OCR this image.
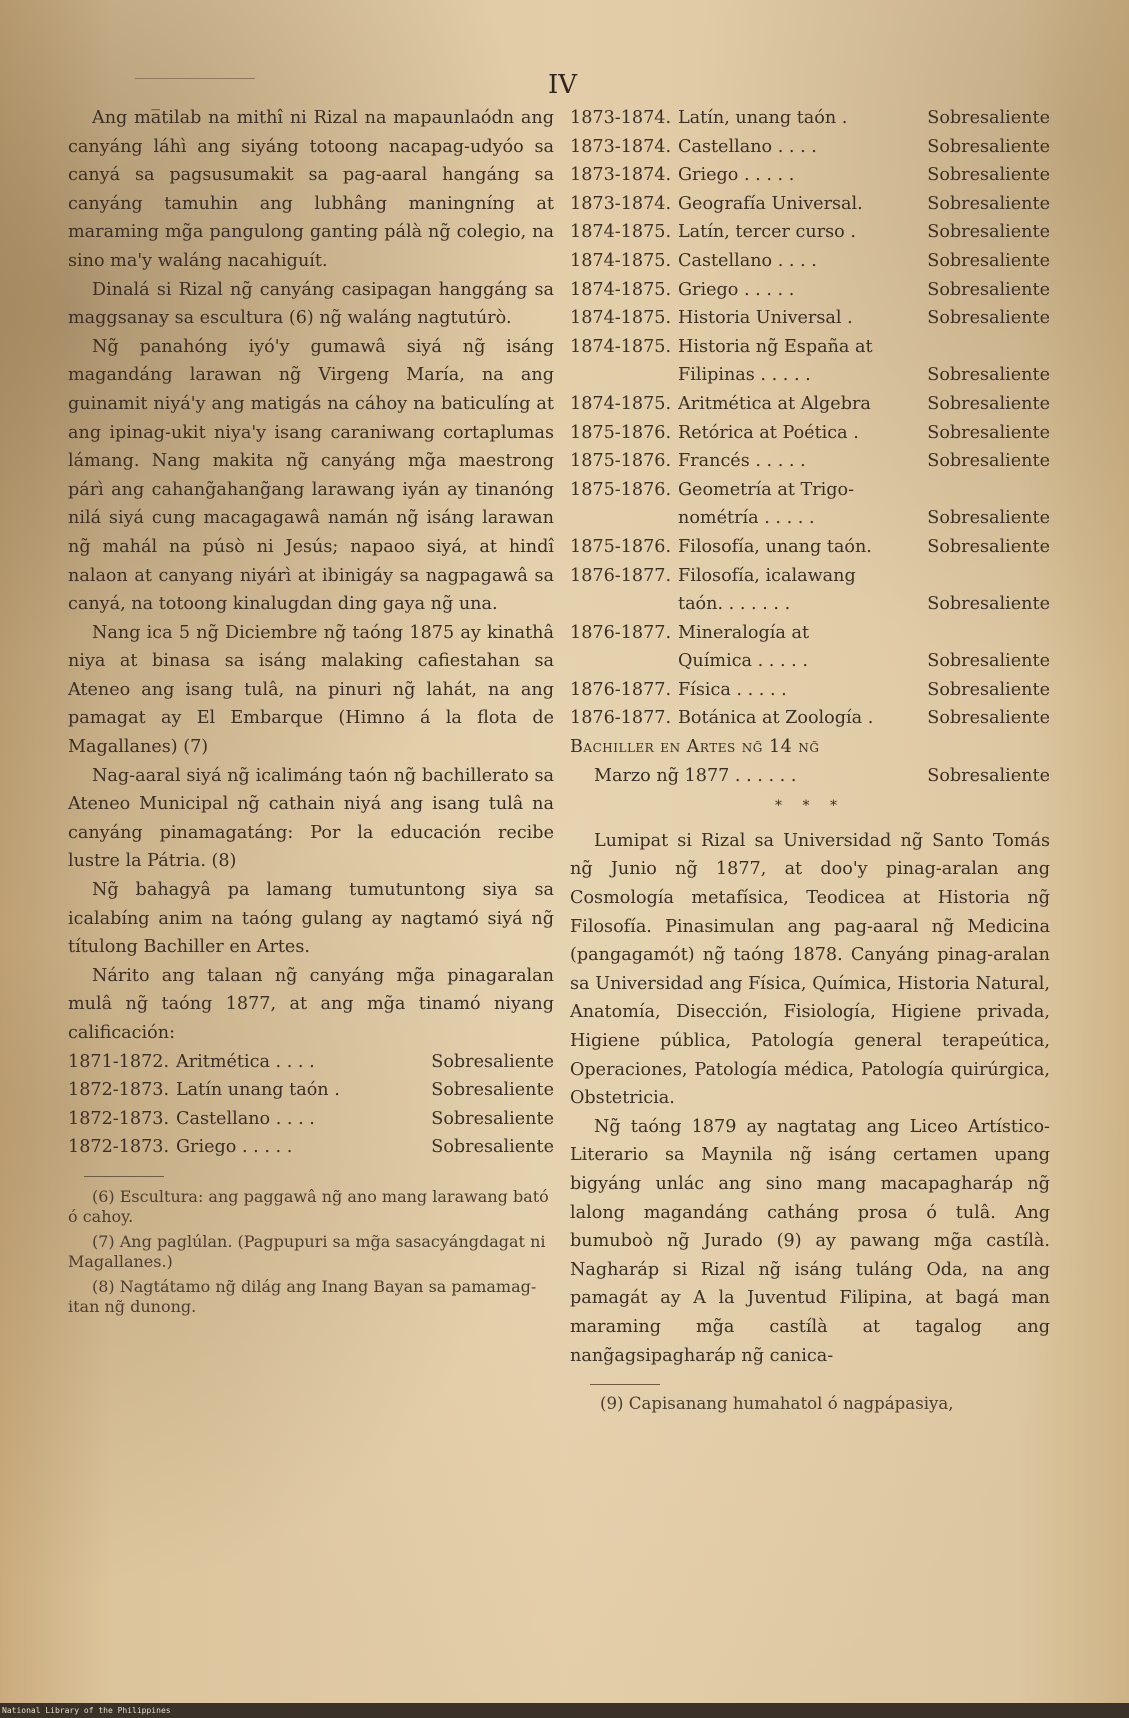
IV

Ang ma̅tilab na mithî ni Rizal na mapaunlaódn ang canyáng láhì ang siyáng totoong nacapag-udyóo sa canyá sa pagsusumakit sa pag-aaral hangáng sa canyáng tamuhin ang lubhâng maningníng at maraming mg̃a pangulong ganting pálà ng̃ colegio, na sino ma'y waláng nacahiguít.

Dinalá si Rizal ng̃ canyáng casipagan hanggáng sa maggsanay sa escultura (6) ng̃ waláng nagtutúrò.

Ng̃ panahóng iyó'y gumawâ siyá ng̃ isáng magandáng larawan ng̃ Virgeng María, na ang guinamit niyá'y ang matigás na cáhoy na baticulíng at ang ipinag-ukit niya'y isang caraniwang cortaplumas lámang. Nang makita ng̃ canyáng mg̃a maestrong párì ang cahang̃ahang̃ang larawang iyán ay tinanóng nilá siyá cung macagagawâ namán ng̃ isáng larawan ng̃ mahál na púsò ni Jesús; napaoo siyá, at hindî nalaon at canyang niyárì at ibinigáy sa nagpagawâ sa canyá, na totoong kinalugdan ding gaya ng̃ una.

Nang ica 5 ng̃ Diciembre ng̃ taóng 1875 ay kinathâ niya at binasa sa isáng malaking cafiestahan sa Ateneo ang isang tulâ, na pinuri ng̃ lahát, na ang pamagat ay El Embarque (Himno á la flota de Magallanes) (7)

Nag-aaral siyá ng̃ icalimáng taón ng̃ bachillerato sa Ateneo Municipal ng̃ cathain niyá ang isang tulâ na canyáng pinamagatáng: Por la educación recibe lustre la Pátria. (8)

Ng̃ bahagyâ pa lamang tumutuntong siya sa icalabíng anim na taóng gulang ay nagtamó siyá ng̃ títulong Bachiller en Artes.

Nárito ang talaan ng̃ canyáng mg̃a pinagaralan mulâ ng̃ taóng 1877, at ang mg̃a tinamó niyang calificación:

1871-1872. Aritmética . . . .	Sobresaliente
1872-1873. Latín unang taón .	Sobresaliente
1872-1873. Castellano . . . .	Sobresaliente
1872-1873. Griego . . . . .	Sobresaliente

(6) Escultura: ang paggawâ ng̃ ano mang larawang bató ó cahoy.

(7) Ang paglúlan. (Pagpupuri sa mg̃a sasacyángdagat ni Magallanes.)

(8) Nagtátamo ng̃ dilág ang Inang Bayan sa pamamag-itan ng̃ dunong.

1873-1874. Latín, unang taón .	Sobresaliente
1873-1874. Castellano . . . .	Sobresaliente
1873-1874. Griego . . . . .	Sobresaliente
1873-1874. Geografía Universal.	Sobresaliente
1874-1875. Latín, tercer curso .	Sobresaliente
1874-1875. Castellano . . . .	Sobresaliente
1874-1875. Griego . . . . .	Sobresaliente
1874-1875. Historia Universal .	Sobresaliente
1874-1875. Historia ng̃ España at
Filipinas . . . . .	Sobresaliente
1874-1875. Aritmética at Algebra	Sobresaliente
1875-1876. Retórica at Poética .	Sobresaliente
1875-1876. Francés . . . . .	Sobresaliente
1875-1876. Geometría at Trigo-
nométría . . . . .	Sobresaliente
1875-1876. Filosofía, unang taón.	Sobresaliente
1876-1877. Filosofía, icalawang
taón. . . . . . .	Sobresaliente
1876-1877. Mineralogía at
Química . . . . .	Sobresaliente
1876-1877. Física . . . . .	Sobresaliente
1876-1877. Botánica at Zoología .	Sobresaliente
Bachiller en Artes ng̃ 14 ng̃
Marzo ng̃ 1877 . . . . . .	Sobresaliente
* * *

Lumipat si Rizal sa Universidad ng̃ Santo Tomás ng̃ Junio ng̃ 1877, at doo'y pinag-aralan ang Cosmología metafísica, Teodicea at Historia ng̃ Filosofía. Pinasimulan ang pag-aaral ng̃ Medicina (pangagamót) ng̃ taóng 1878. Canyáng pinag-aralan sa Universidad ang Física, Química, Historia Natural, Anatomía, Disección, Fisiología, Higiene privada, Higiene pública, Patología general terapeútica, Operaciones, Patología médica, Patología quirúrgica, Obstetricia.

Ng̃ taóng 1879 ay nagtatag ang Liceo Artístico-Literario sa Maynila ng̃ isáng certamen upang bigyáng unlác ang sino mang macapagharáp ng̃ lalong magandáng catháng prosa ó tulâ. Ang bumuboò ng̃ Jurado (9) ay pawang mg̃a castílà. Nagharáp si Rizal ng̃ isáng tuláng Oda, na ang pamagát ay A la Juventud Filipina, at bagá man maraming mg̃a castílà at tagalog ang nang̃agsipagharáp ng̃ canica-

(9) Capisanang humahatol ó nagpápasiya,
National Library of the Philippines
